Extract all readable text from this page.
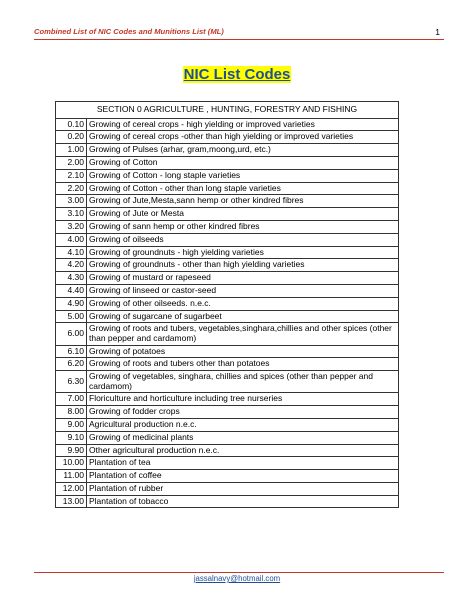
Combined List of NIC Codes and Munitions List (ML)	1
NIC List Codes
SECTION 0 AGRICULTURE , HUNTING, FORESTRY AND FISHING	
0.10	Growing of cereal crops - high yielding or improved varieties
0.20	Growing of cereal crops -other than high yielding or improved varieties
1.00	Growing of Pulses (arhar, gram,moong,urd, etc.)
2.00	Growing of Cotton
2.10	Growing of Cotton - long staple varieties
2.20	Growing of Cotton - other than long staple varieties
3.00	Growing of Jute,Mesta,sann hemp or other kindred fibres
3.10	Growing of Jute or Mesta
3.20	Growing of sann hemp or other kindred fibres
4.00	Growing of oilseeds
4.10	Growing of groundnuts - high yielding varieties
4.20	Growing of groundnuts - other than high yielding varieties
4.30	Growing of mustard or rapeseed
4.40	Growing of linseed or castor-seed
4.90	Growing of other oilseeds. n.e.c.
5.00	Growing of sugarcane of sugarbeet
6.00	Growing of roots and tubers, vegetables,singhara,chillies and other spices (other than pepper and cardamom)
6.10	Growing of potatoes
6.20	Growing of roots and tubers other than potatoes
6.30	Growing of vegetables, singhara, chillies and spices (other than pepper and cardamom)
7.00	Floriculture and horticulture including tree nurseries
8.00	Growing of fodder crops
9.00	Agricultural production n.e.c.
9.10	Growing of medicinal plants
9.90	Other agricultural production n.e.c.
10.00	Plantation of tea
11.00	Plantation of coffee
12.00	Plantation of rubber
13.00	Plantation of tobacco
jassalnavy@hotmail.com
